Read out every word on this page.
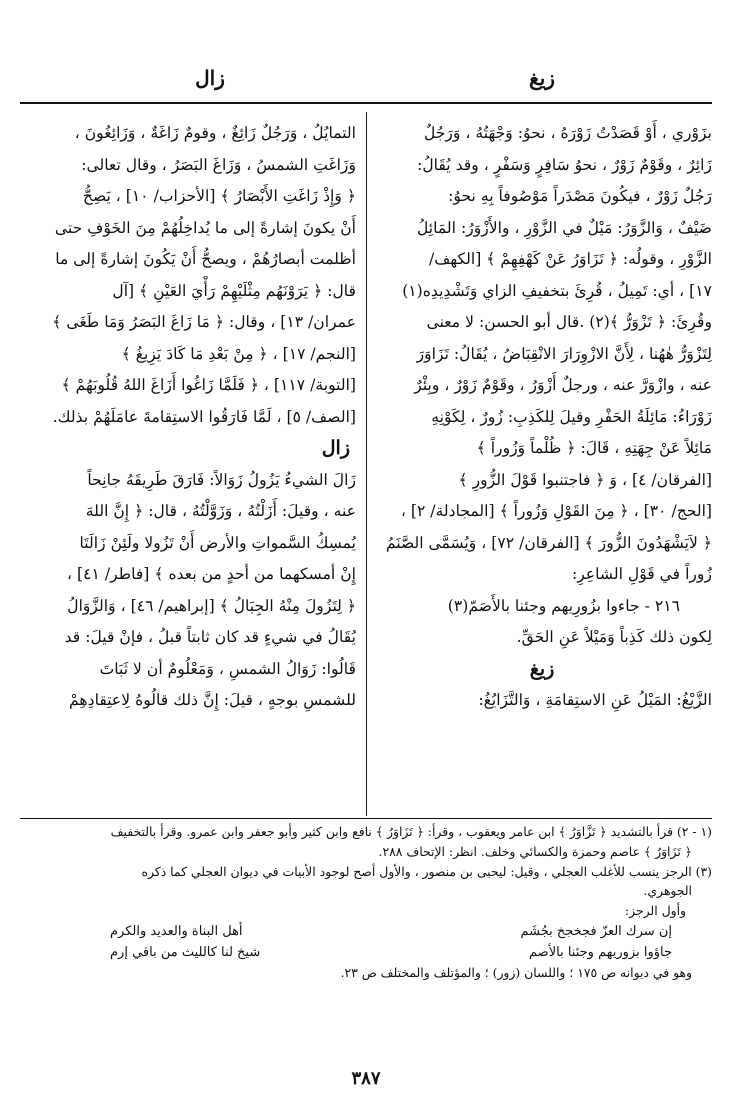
زيغ
زال
بزَوْري ، أَوْ قَصَدْتُ زَوْرَهُ ، نحوُ: وَجْهَتُهُ ، وَرَجُلٌ
زَائِرٌ ، وقَوْمٌ زَوْرٌ ، نحوُ سَافِرٍ وَسَفْرٍ ، وقد يُقَالُ:
رَجُلٌ زَوْرٌ ، فيكُونَ مَصْدَراً مَوْصُوفاً بِهِ نحوُ:
ضَيْفٌ ، وَالزَّوَرُ: مَيْلٌ في الزَّوْرِ ، والأَزْوَرُ: المَائِلُ
الزَّوْرِ ، وقولُه: ﴿ تَزَاوَرُ عَنْ كَهْفِهِمْ ﴾ [الكهف/
١٧] ، أي: تَمِيلُ ، قُرِئَ بتخفيفِ الزاي وَتَشْدِيدِه(١)
وقُرِئَ: ﴿ تَزْوَرُّ ﴾(٢) .قال أبو الحسن: لا معنى
لِتَزْوَرُّ هٰهُنا ، لِأَنَّ الازْوِرَارَ الانْقِبَاضُ ، يُقَالُ: تَزَاوَرَ
عنه ، وازْوَرَّ عنه ، ورجلٌ أَزْوَرُ ، وقَوْمٌ زَوْرٌ ، وبِئْرٌ
زَوْرَاءُ: مَائِلَةُ الحَفْرِ وقيلَ لِلكَذِبِ: زُورٌ ، لِكَوْنِهِ
مَائِلاً عَنْ جِهَتِهِ ، قَالَ: ﴿ ظُلْماً وَزُوراً ﴾
[الفرقان/ ٤] ، وَ ﴿ فاجتنبوا قَوْلَ الزُّورِ ﴾
[الحج/ ٣٠] ، ﴿ مِنَ القَوْلِ وَزُوراً ﴾ [المجادلة/ ٢] ،
﴿ لاَيَشْهَدُونَ الزُّورَ ﴾ [الفرقان/ ٧٢] ، وَيُسَمَّى الصَّنَمُ
زُوراً في قَوْلِ الشاعِرِ:
٢١٦ - جاءوا بزُورِيهم وجئنا بالأَصَمّ(٣)
لِكون ذلك كَذِباً وَمَيْلاً عَنِ الحَقِّ.
زيغ
الزَّيْغُ: المَيْلُ عَنِ الاستِقامَةِ ، وَالتَّزَايُغُ:
التمايُلُ ، وَرَجُلٌ زَائِغٌ ، وقومٌ زَاغَةٌ ، وَزَائِغُونَ ،
وَزَاغَتِ الشمسُ ، وَزَاغَ البَصَرُ ، وقال تعالى:
﴿ وَإِذْ زَاغَتِ الأَبْصَارُ ﴾ [الأحزاب/ ١٠] ، يَصِحُّ
أَنْ يكونَ إشارةً إلى ما يُداخِلُهُمْ مِنَ الخَوْفِ حتى
أظلمت أبصارُهُمْ ، ويصحُّ أَنْ يَكُونَ إشارةً إلى ما
قال: ﴿ يَرَوْنَهُم مِثْلَيْهِمْ رَأْيَ العَيْنِ ﴾ [آل
عمران/ ١٣] ، وقال: ﴿ مَا زَاغَ البَصَرُ وَمَا طَغَى ﴾
[النجم/ ١٧] ، ﴿ مِنْ بَعْدِ مَا كَادَ يَزِيغُ ﴾
[التوبة/ ١١٧] ، ﴿ فَلَمَّا زَاغُوا أَزَاغَ اللهُ قُلُوبَهُمْ ﴾
[الصف/ ٥] ، لَمَّا فَارَقُوا الاستِقامةَ عامَلَهُمْ بذلك.
زال
زَالَ الشيءُ يَزُولُ زَوَالاً: فَارَقَ طَرِيقَهُ جانِحاً
عنه ، وقيلَ: أَزَلْتُهُ ، وَزَوَّلْتُهُ ، قال: ﴿ إِنَّ اللهَ
يُمسِكُ السَّمواتِ والأرض أَنْ تَزُولا ولَئِنْ زَالَتَا
إِنْ أمسكهما من أحدٍ من بعده ﴾ [فاطر/ ٤١] ،
﴿ لِتَزُولَ مِنْهُ الجِبَالُ ﴾ [إبراهيم/ ٤٦] ، وَالزَّوَالُ
يُقَالُ في شيءٍ قد كان ثابتاً قبلُ ، فإنْ قيلَ: قد
قَالُوا: زَوَالُ الشمسِ ، وَمَعْلُومٌ أن لا ثَبَاتَ
للشمسِ بوجهٍ ، قيلَ: إِنَّ ذلك قالُوهُ لِاعتِقادِهِمْ
(١ - ٢) قرأ بالتشديد ﴿ تَزَّاوَرُ ﴾ ابن عامر ويعقوب ، وقرأ: ﴿ تَزَاوَرُ ﴾ نافع وابن كثير وأبو جعفر وابن عمرو. وقرأ بالتخفيف
﴿ تَزَاوَرُ ﴾ عاصم وحمزة والكسائي وخلف. انظر: الإتحاف ٢٨٨.
(٣) الرجز ينسب للأغلب العجلي ، وقيل: ليحيى بن منصور ، والأول أصح لوجود الأبيات في ديوان العجلي كما ذكره
الجوهري.
وأول الرجز:
إن سرك العزّ فجخجخ بجُشَم
أهل البناة والعديد والكرم
جاؤوا بزوريهم وجئنا بالأصم
شيخ لنا كالليث من باقي إرم
وهو في ديوانه ص ١٧٥ ؛ واللسان (زور) ؛ والمؤتلف والمختلف ص ٢٣.
٣٨٧
